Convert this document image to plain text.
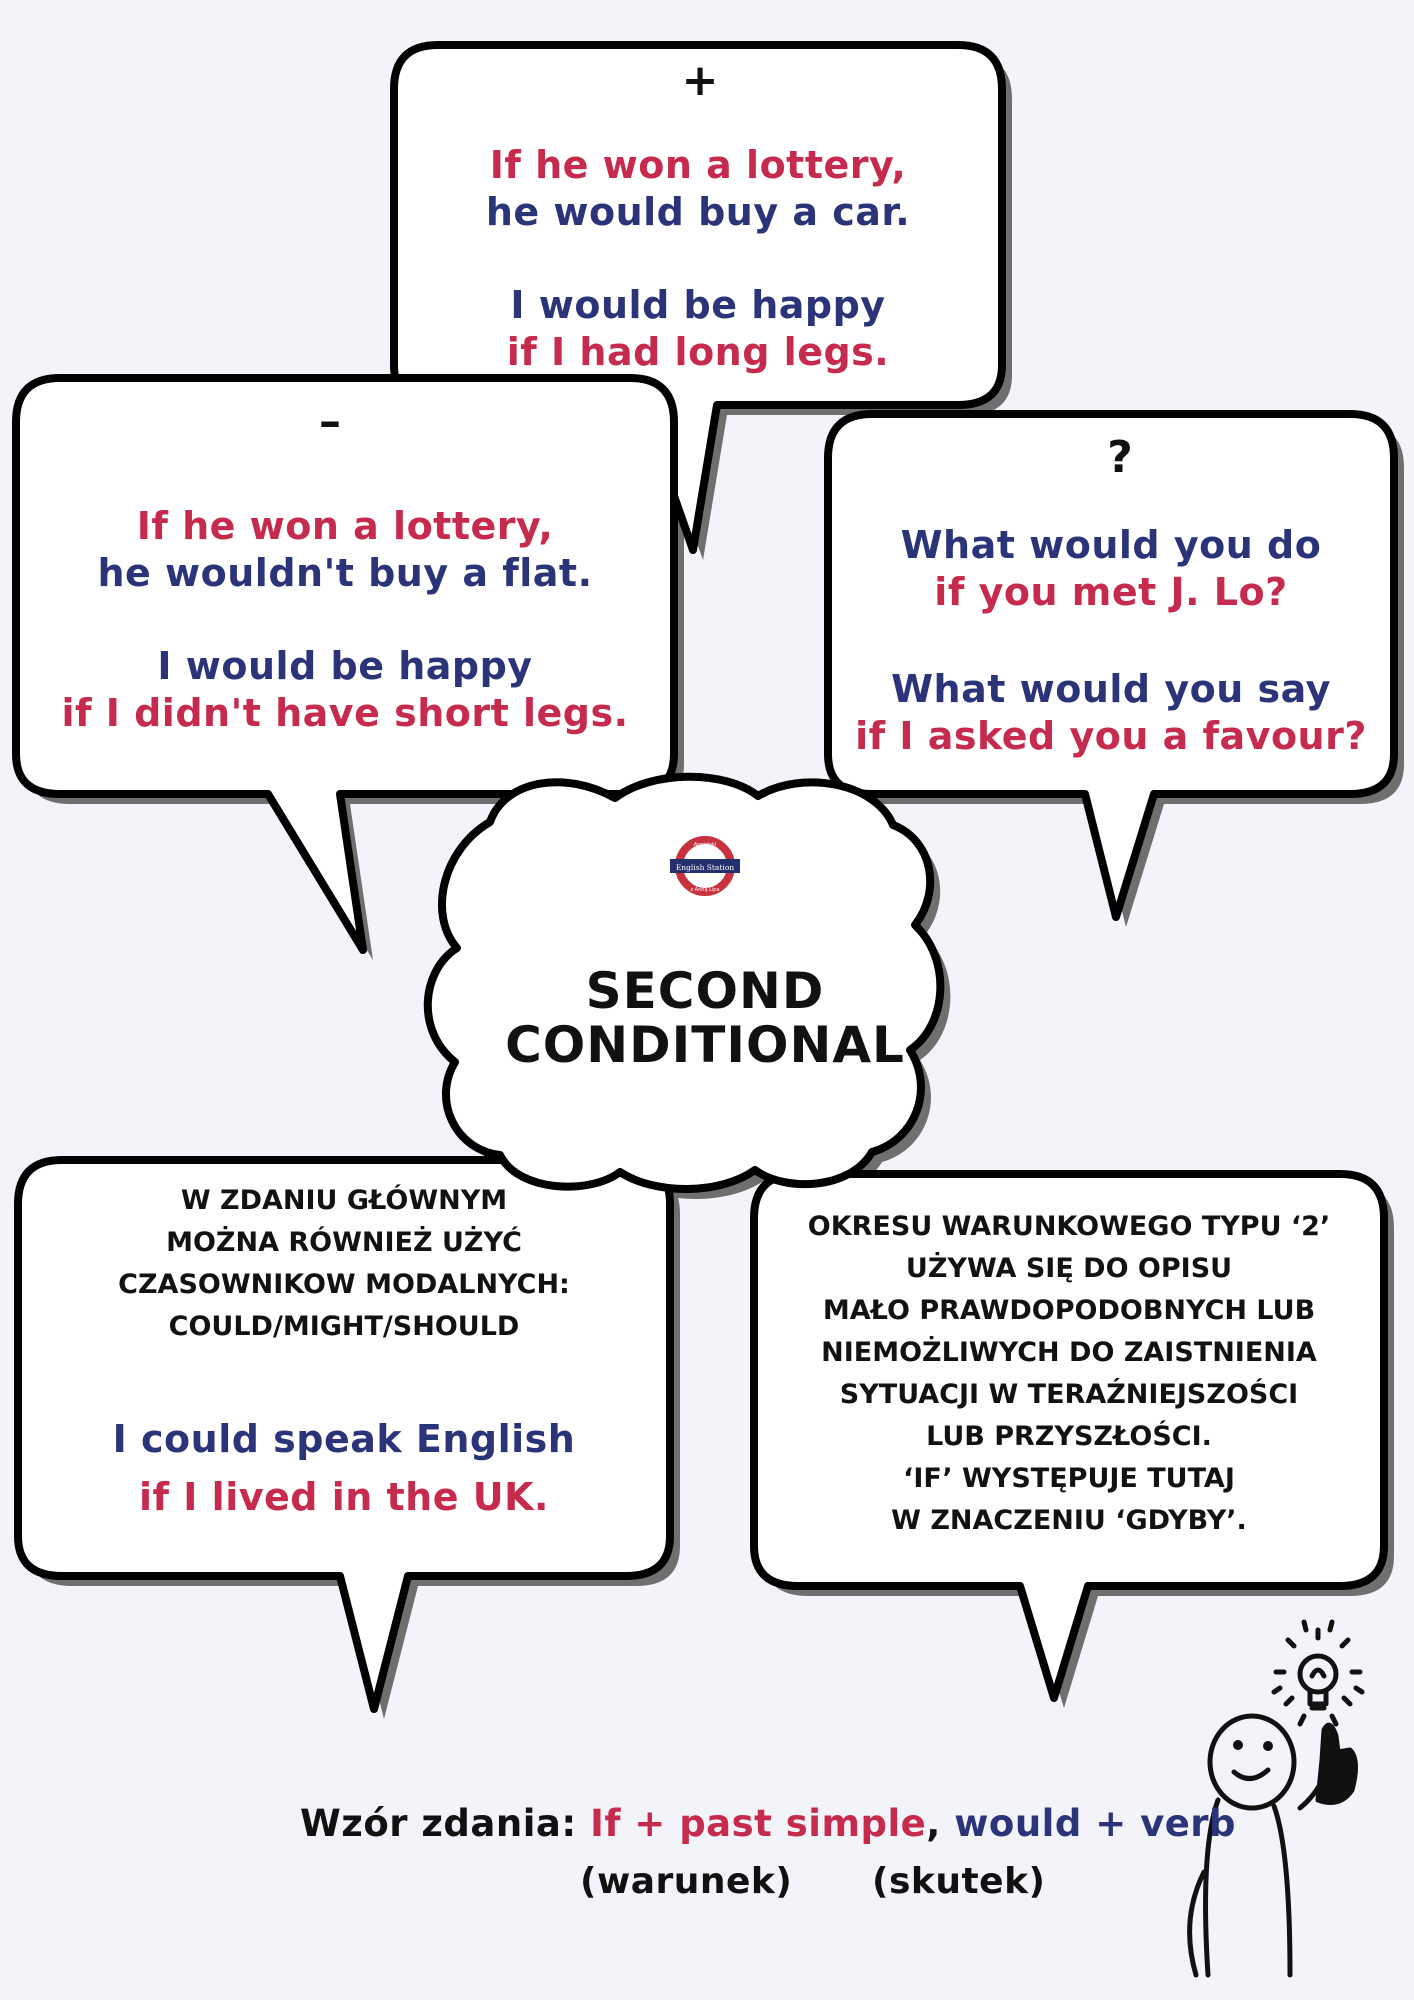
English Station
Angielski
z Anną Lipa
+
If he won a lottery,
he would buy a car.
I would be happy
if I had long legs.
–
If he won a lottery,
he wouldn't buy a flat.
I would be happy
if I didn't have short legs.
?
What would you do
if you met J. Lo?
What would you say
if I asked you a favour?
SECOND
CONDITIONAL
W ZDANIU GŁÓWNYM
MOŻNA RÓWNIEŻ UŻYĆ
CZASOWNIKOW MODALNYCH:
COULD/MIGHT/SHOULD
I could speak English
if I lived in the UK.
OKRESU WARUNKOWEGO TYPU ‘2’
UŻYWA SIĘ DO OPISU
MAŁO PRAWDOPODOBNYCH LUB
NIEMOŻLIWYCH DO ZAISTNIENIA
SYTUACJI W TERAŹNIEJSZOŚCI
LUB PRZYSZŁOŚCI.
‘IF’ WYSTĘPUJE TUTAJ
W ZNACZENIU ‘GDYBY’.
Wzór zdania: If + past simple, would + verb
(warunek) (skutek)
